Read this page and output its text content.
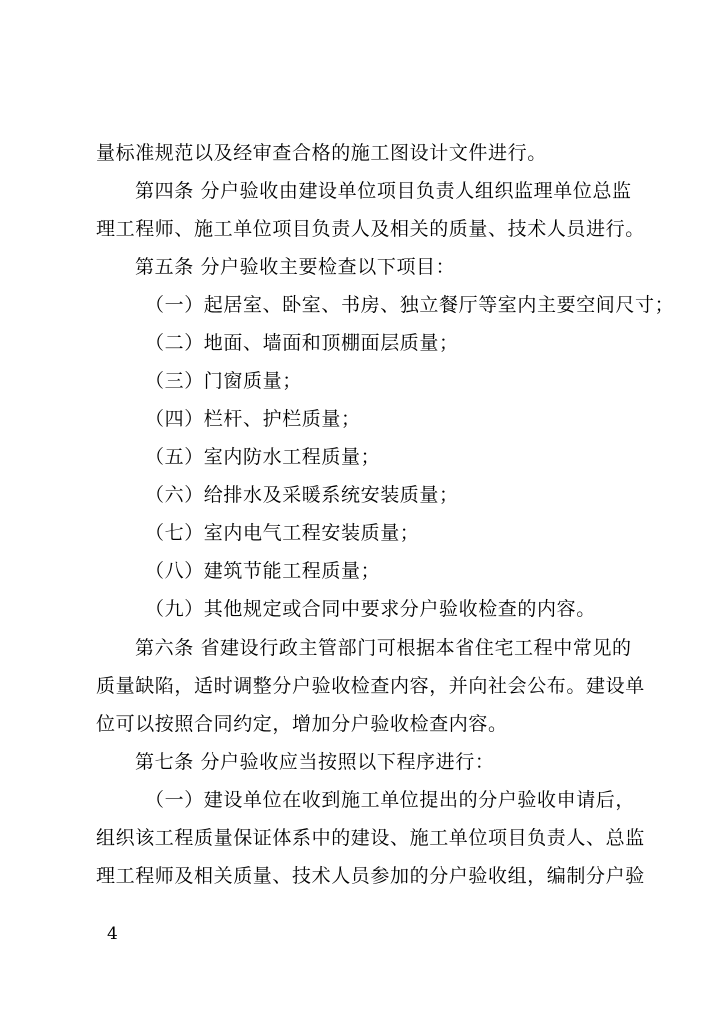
量标准规范以及经审查合格的施工图设计文件进行。
第四条 分户验收由建设单位项目负责人组织监理单位总监
理工程师、施工单位项目负责人及相关的质量、技术人员进行。
第五条 分户验收主要检查以下项目：
（一）起居室、卧室、书房、独立餐厅等室内主要空间尺寸；
（二）地面、墙面和顶棚面层质量；
（三）门窗质量；
（四）栏杆、护栏质量；
（五）室内防水工程质量；
（六）给排水及采暖系统安装质量；
（七）室内电气工程安装质量；
（八）建筑节能工程质量；
（九）其他规定或合同中要求分户验收检查的内容。
第六条 省建设行政主管部门可根据本省住宅工程中常见的
质量缺陷，适时调整分户验收检查内容，并向社会公布。建设单
位可以按照合同约定，增加分户验收检查内容。
第七条 分户验收应当按照以下程序进行：
（一）建设单位在收到施工单位提出的分户验收申请后，
组织该工程质量保证体系中的建设、施工单位项目负责人、总监
理工程师及相关质量、技术人员参加的分户验收组，编制分户验
4
